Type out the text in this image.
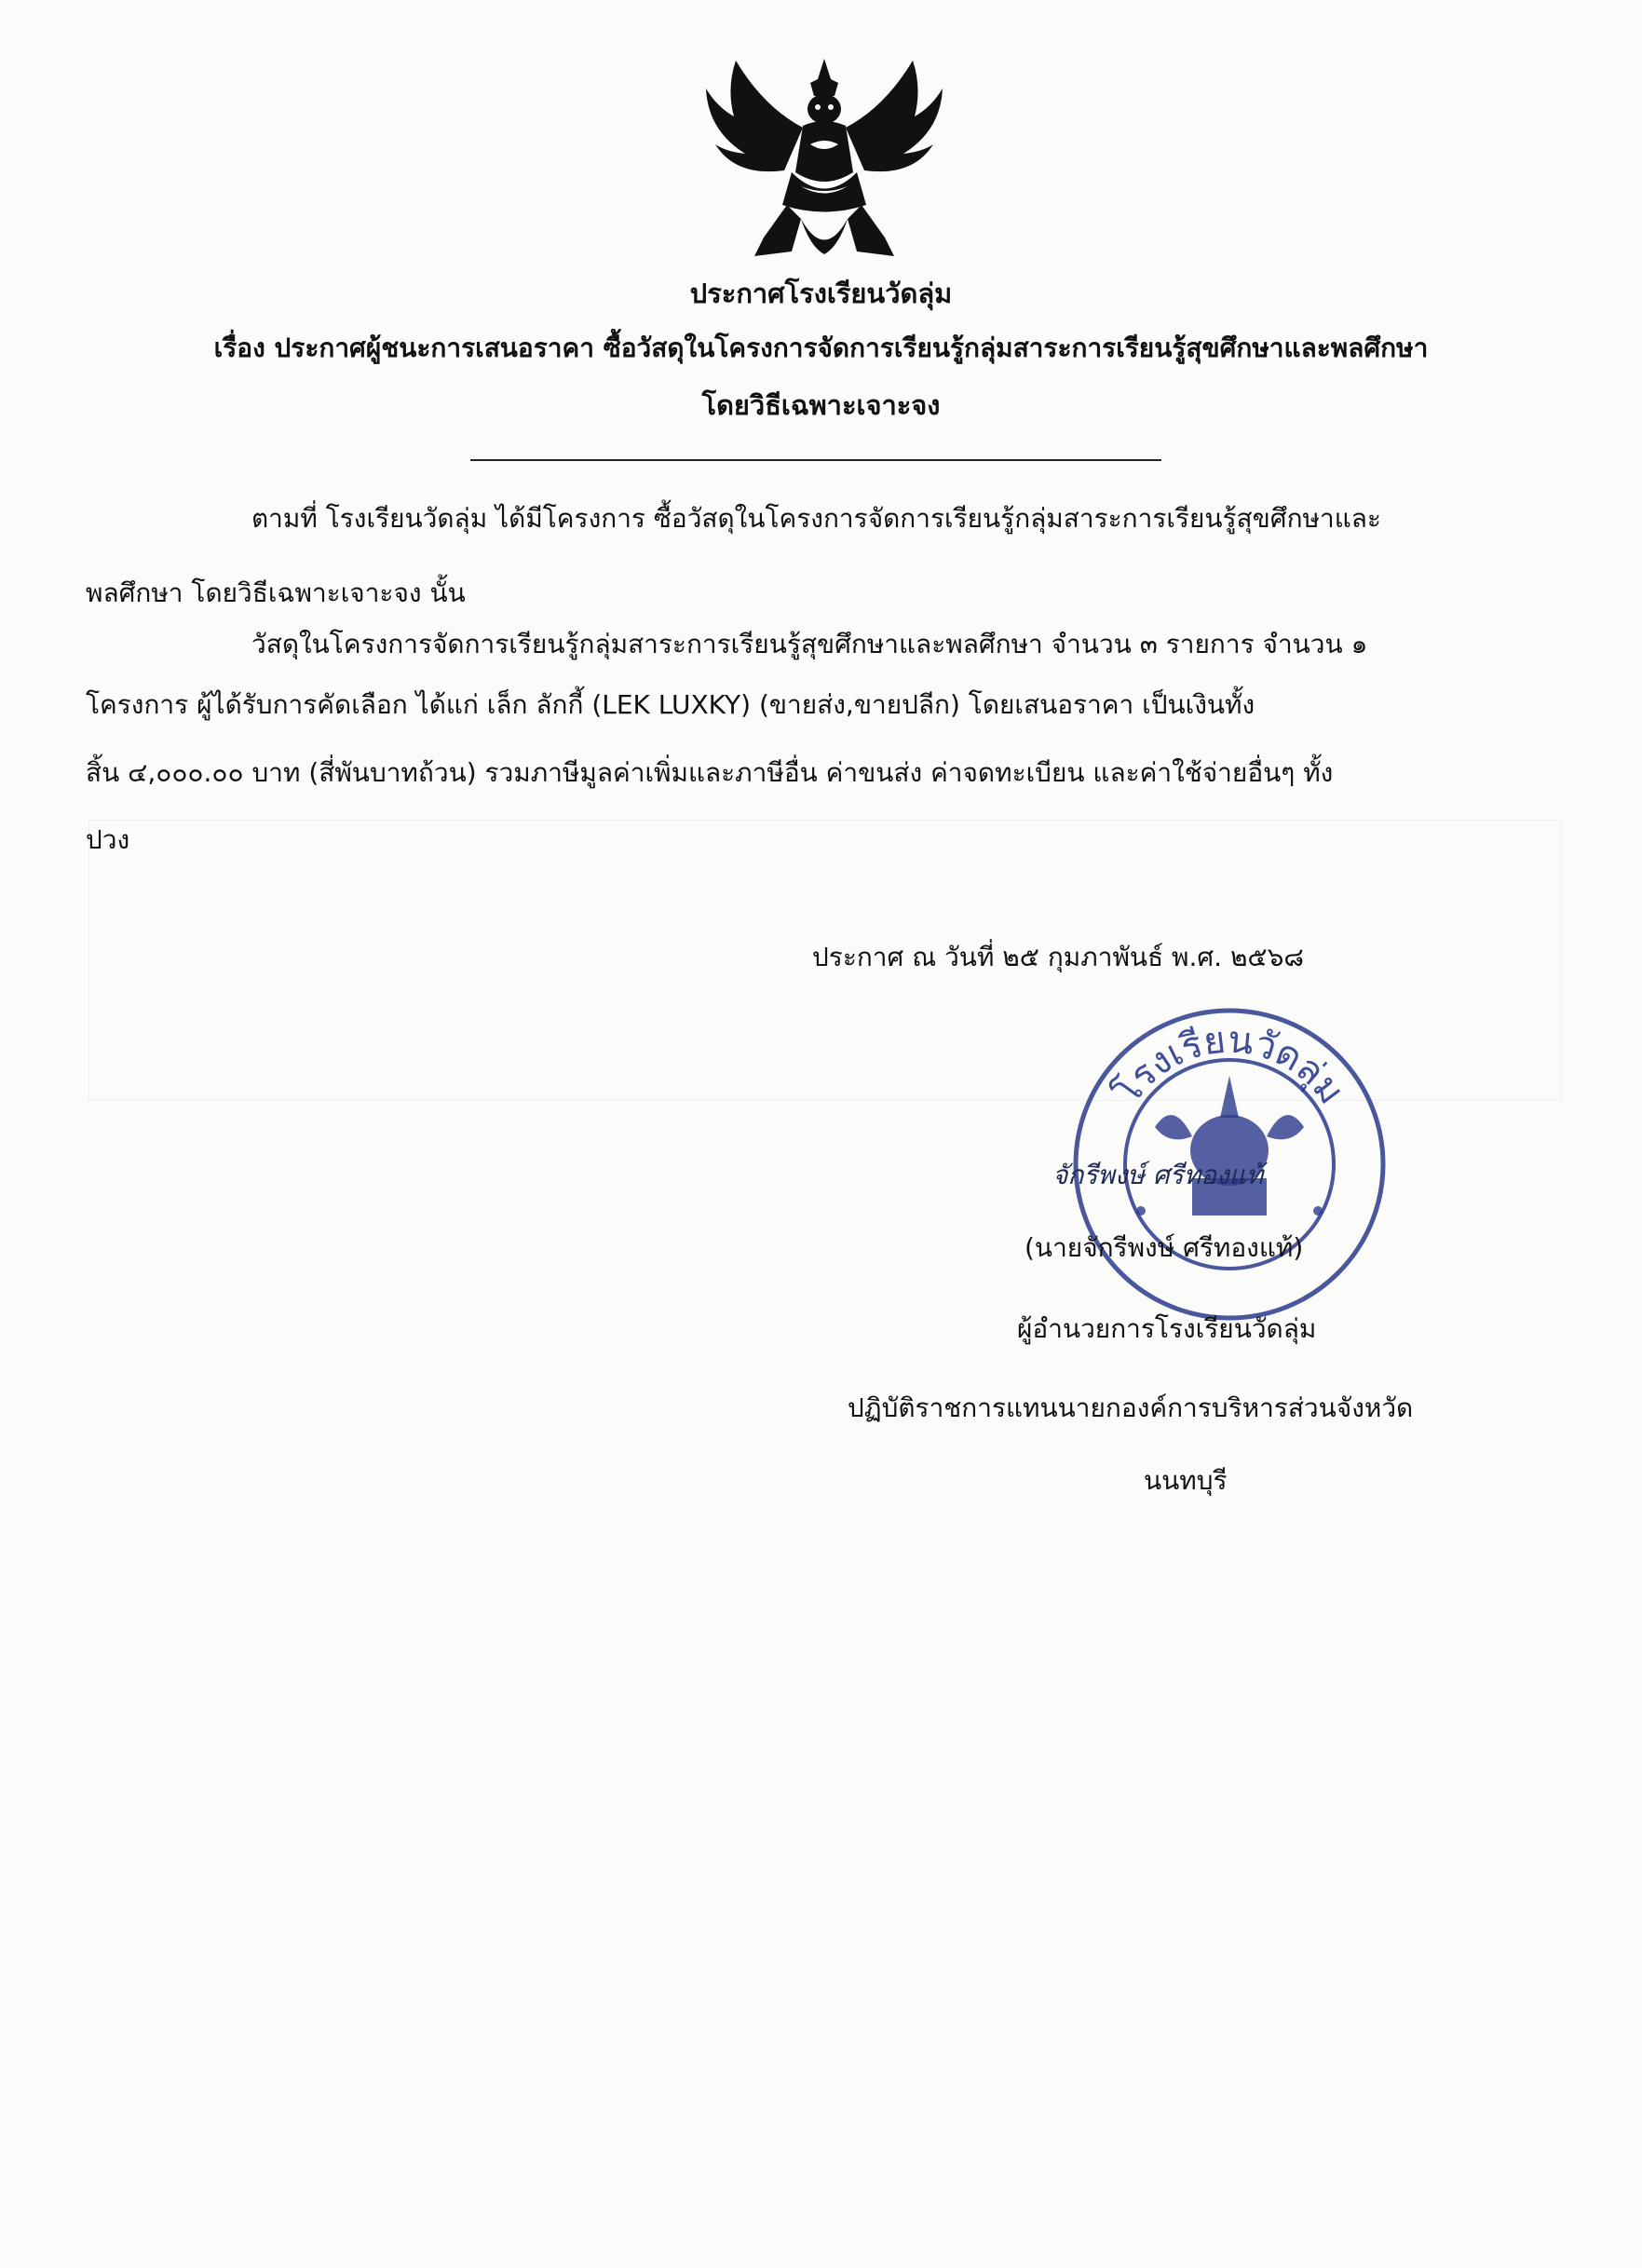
ประกาศโรงเรียนวัดลุ่ม
เรื่อง ประกาศผู้ชนะการเสนอราคา ซื้อวัสดุในโครงการจัดการเรียนรู้กลุ่มสาระการเรียนรู้สุขศึกษาและพลศึกษา
โดยวิธีเฉพาะเจาะจง
ตามที่ โรงเรียนวัดลุ่ม ได้มีโครงการ ซื้อวัสดุในโครงการจัดการเรียนรู้กลุ่มสาระการเรียนรู้สุขศึกษาและ
พลศึกษา โดยวิธีเฉพาะเจาะจง นั้น
วัสดุในโครงการจัดการเรียนรู้กลุ่มสาระการเรียนรู้สุขศึกษาและพลศึกษา จำนวน ๓ รายการ จำนวน ๑
โครงการ ผู้ได้รับการคัดเลือก ได้แก่ เล็ก ลักกี้ (LEK LUXKY) (ขายส่ง,ขายปลีก) โดยเสนอราคา เป็นเงินทั้ง
สิ้น ๔,๐๐๐.๐๐ บาท (สี่พันบาทถ้วน) รวมภาษีมูลค่าเพิ่มและภาษีอื่น ค่าขนส่ง ค่าจดทะเบียน และค่าใช้จ่ายอื่นๆ ทั้ง
ปวง
ประกาศ ณ วันที่ ๒๕ กุมภาพันธ์ พ.ศ. ๒๕๖๘
โรงเรียนวัดลุ่ม
จักรีพงษ์ ศรีทองแท้
(นายจักรีพงษ์ ศรีทองแท้)
ผู้อำนวยการโรงเรียนวัดลุ่ม
ปฏิบัติราชการแทนนายกองค์การบริหารส่วนจังหวัด
นนทบุรี
